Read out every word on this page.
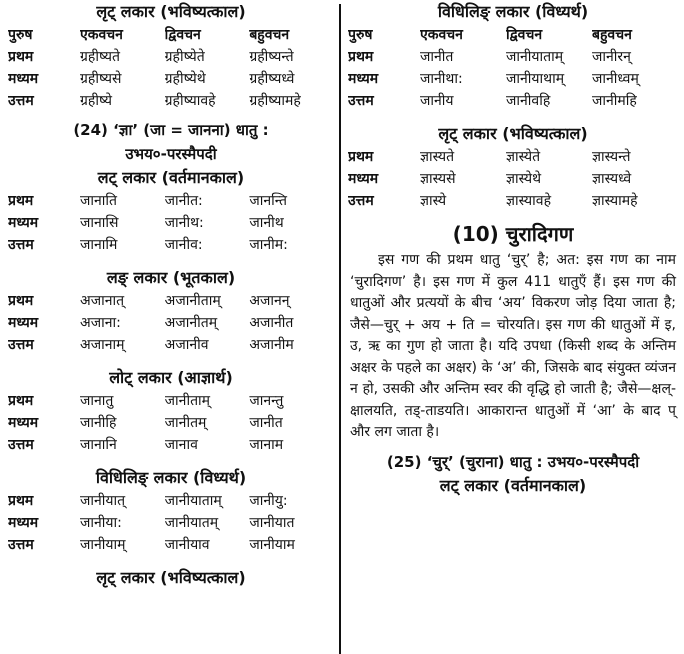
लृट् लकार (भविष्यत्काल)
पुरुष	एकवचन	द्विवचन	बहुवचन
प्रथम	ग्रहीष्यते	ग्रहीष्येते	ग्रहीष्यन्ते
मध्यम	ग्रहीष्यसे	ग्रहीष्येथे	ग्रहीष्यध्वे
उत्तम	ग्रहीष्ये	ग्रहीष्यावहे	ग्रहीष्यामहे
(24) ‘ज्ञा’ (जा = जानना) धातु :
उभय०-परस्मैपदी
लट् लकार (वर्तमानकाल)
प्रथम	जानाति	जानीत:	जानन्ति
मध्यम	जानासि	जानीथ:	जानीथ
उत्तम	जानामि	जानीव:	जानीम:
लङ् लकार (भूतकाल)
प्रथम	अजानात्	अजानीताम्	अजानन्
मध्यम	अजाना:	अजानीतम्	अजानीत
उत्तम	अजानाम्	अजानीव	अजानीम
लोट् लकार (आज्ञार्थ)
प्रथम	जानातु	जानीताम्	जानन्तु
मध्यम	जानीहि	जानीतम्	जानीत
उत्तम	जानानि	जानाव	जानाम
विधिलिङ् लकार (विध्यर्थ)
प्रथम	जानीयात्	जानीयाताम्	जानीयु:
मध्यम	जानीया:	जानीयातम्	जानीयात
उत्तम	जानीयाम्	जानीयाव	जानीयाम
लृट् लकार (भविष्यत्काल)
विधिलिङ् लकार (विध्यर्थ)
पुरुष	एकवचन	द्विवचन	बहुवचन
प्रथम	जानीत	जानीयाताम्	जानीरन्
मध्यम	जानीथा:	जानीयाथाम्	जानीध्वम्
उत्तम	जानीय	जानीवहि	जानीमहि
लृट् लकार (भविष्यत्काल)
प्रथम	ज्ञास्यते	ज्ञास्येते	ज्ञास्यन्ते
मध्यम	ज्ञास्यसे	ज्ञास्येथे	ज्ञास्यध्वे
उत्तम	ज्ञास्ये	ज्ञास्यावहे	ज्ञास्यामहे
(10) चुरादिगण

इस गण की प्रथम धातु ‘चुर्’ है; अत: इस गण का नाम ‘चुरादिगण’ है। इस गण में कुल 411 धातुएँ हैं। इस गण की धातुओं और प्रत्ययों के बीच ‘अय’ विकरण जोड़ दिया जाता है; जैसे—चुर् + अय + ति = चोरयति। इस गण की धातुओं में इ, उ, ऋ का गुण हो जाता है। यदि उपधा (किसी शब्द के अन्तिम अक्षर के पहले का अक्षर) के ‘अ’ की, जिसके बाद संयुक्त व्यंजन न हो, उसकी और अन्तिम स्वर की वृद्धि हो जाती है; जैसे—क्षल्-क्षालयति, तड्-ताडयति। आकारान्त धातुओं में ‘आ’ के बाद प् और लग जाता है।

(25) ‘चुर्’ (चुराना) धातु : उभय०-परस्मैपदी
लट् लकार (वर्तमानकाल)
